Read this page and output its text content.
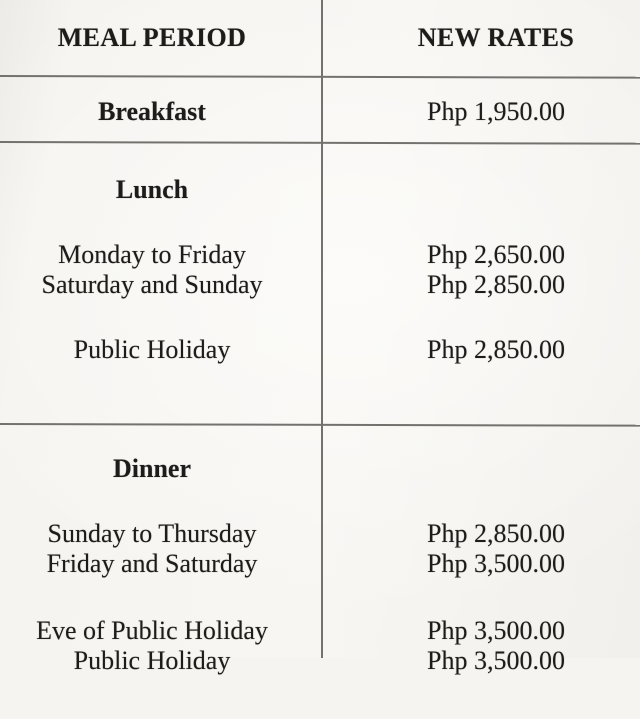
MEAL PERIOD	NEW RATES
Breakfast	Php 1,950.00
Lunch
Monday to Friday	Php 2,650.00
Saturday and Sunday	Php 2,850.00
Public Holiday	Php 2,850.00
Dinner
Sunday to Thursday	Php 2,850.00
Friday and Saturday	Php 3,500.00
Eve of Public Holiday	Php 3,500.00
Public Holiday	Php 3,500.00
